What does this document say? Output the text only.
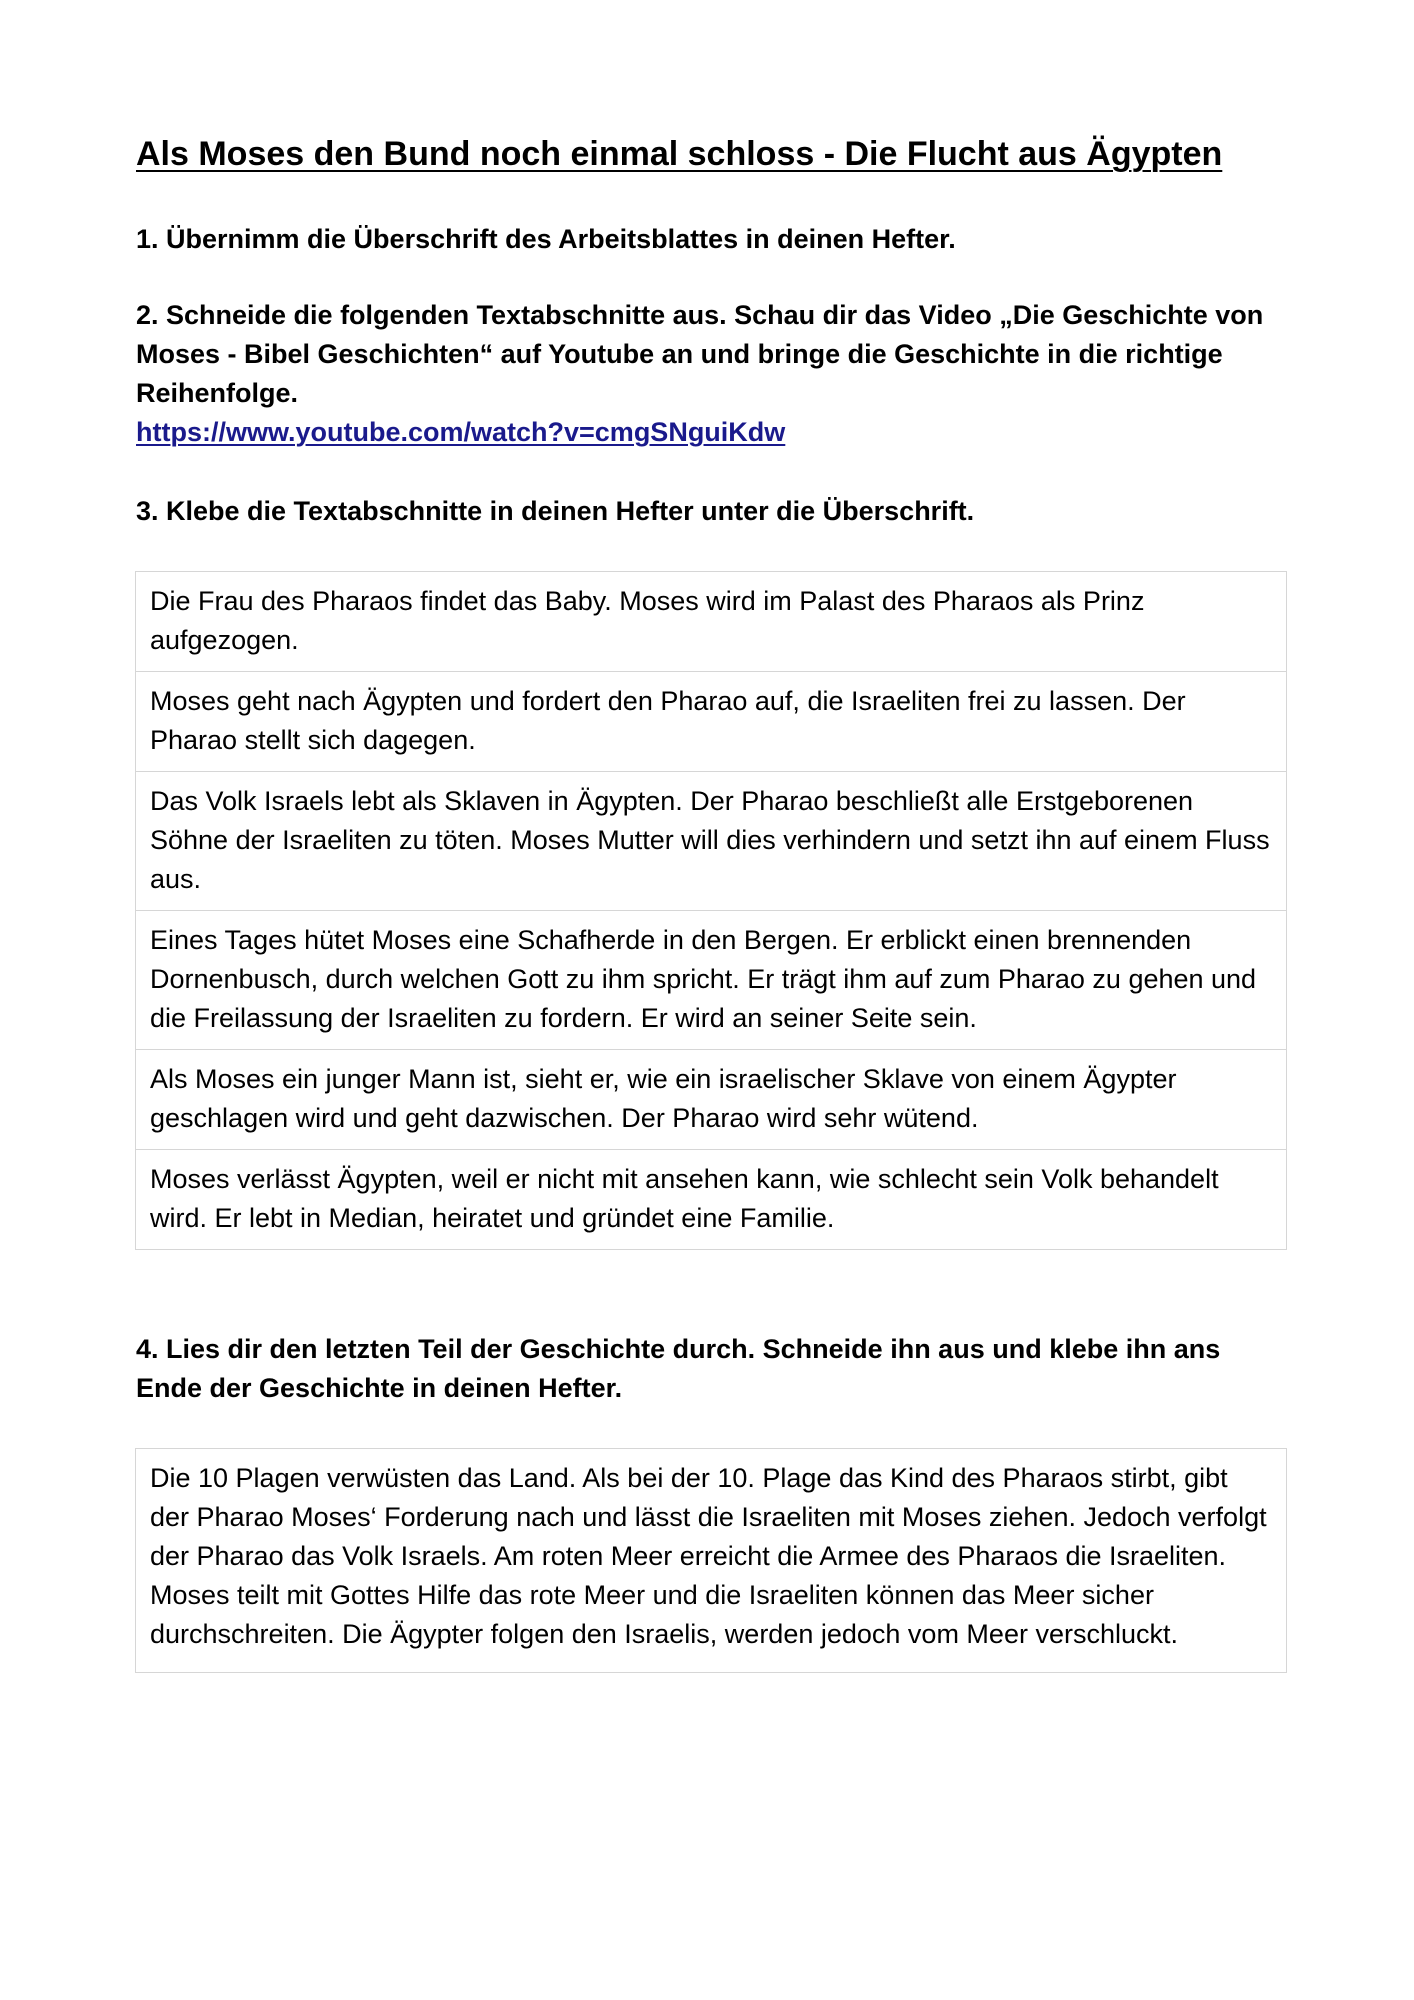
Als Moses den Bund noch einmal schloss - Die Flucht aus Ägypten

1. Übernimm die Überschrift des Arbeitsblattes in deinen Hefter.

2. Schneide die folgenden Textabschnitte aus. Schau dir das Video „Die Geschichte von Moses - Bibel Geschichten“ auf Youtube an und bringe die Geschichte in die richtige Reihenfolge.
https://www.youtube.com/watch?v=cmgSNguiKdw

3. Klebe die Textabschnitte in deinen Hefter unter die Überschrift.

Die Frau des Pharaos findet das Baby. Moses wird im Palast des Pharaos als Prinz aufgezogen.
Moses geht nach Ägypten und fordert den Pharao auf, die Israeliten frei zu lassen. Der Pharao stellt sich dagegen.
Das Volk Israels lebt als Sklaven in Ägypten. Der Pharao beschließt alle Erstgeborenen Söhne der Israeliten zu töten. Moses Mutter will dies verhindern und setzt ihn auf einem Fluss aus.
Eines Tages hütet Moses eine Schafherde in den Bergen. Er erblickt einen brennenden Dornenbusch, durch welchen Gott zu ihm spricht. Er trägt ihm auf zum Pharao zu gehen und die Freilassung der Israeliten zu fordern. Er wird an seiner Seite sein.
Als Moses ein junger Mann ist, sieht er, wie ein israelischer Sklave von einem Ägypter geschlagen wird und geht dazwischen. Der Pharao wird sehr wütend.
Moses verlässt Ägypten, weil er nicht mit ansehen kann, wie schlecht sein Volk behandelt wird. Er lebt in Median, heiratet und gründet eine Familie.

4. Lies dir den letzten Teil der Geschichte durch. Schneide ihn aus und klebe ihn ans Ende der Geschichte in deinen Hefter.

Die 10 Plagen verwüsten das Land. Als bei der 10. Plage das Kind des Pharaos stirbt, gibt der Pharao Moses‘ Forderung nach und lässt die Israeliten mit Moses ziehen. Jedoch verfolgt der Pharao das Volk Israels. Am roten Meer erreicht die Armee des Pharaos die Israeliten. Moses teilt mit Gottes Hilfe das rote Meer und die Israeliten können das Meer sicher durchschreiten. Die Ägypter folgen den Israelis, werden jedoch vom Meer verschluckt.
